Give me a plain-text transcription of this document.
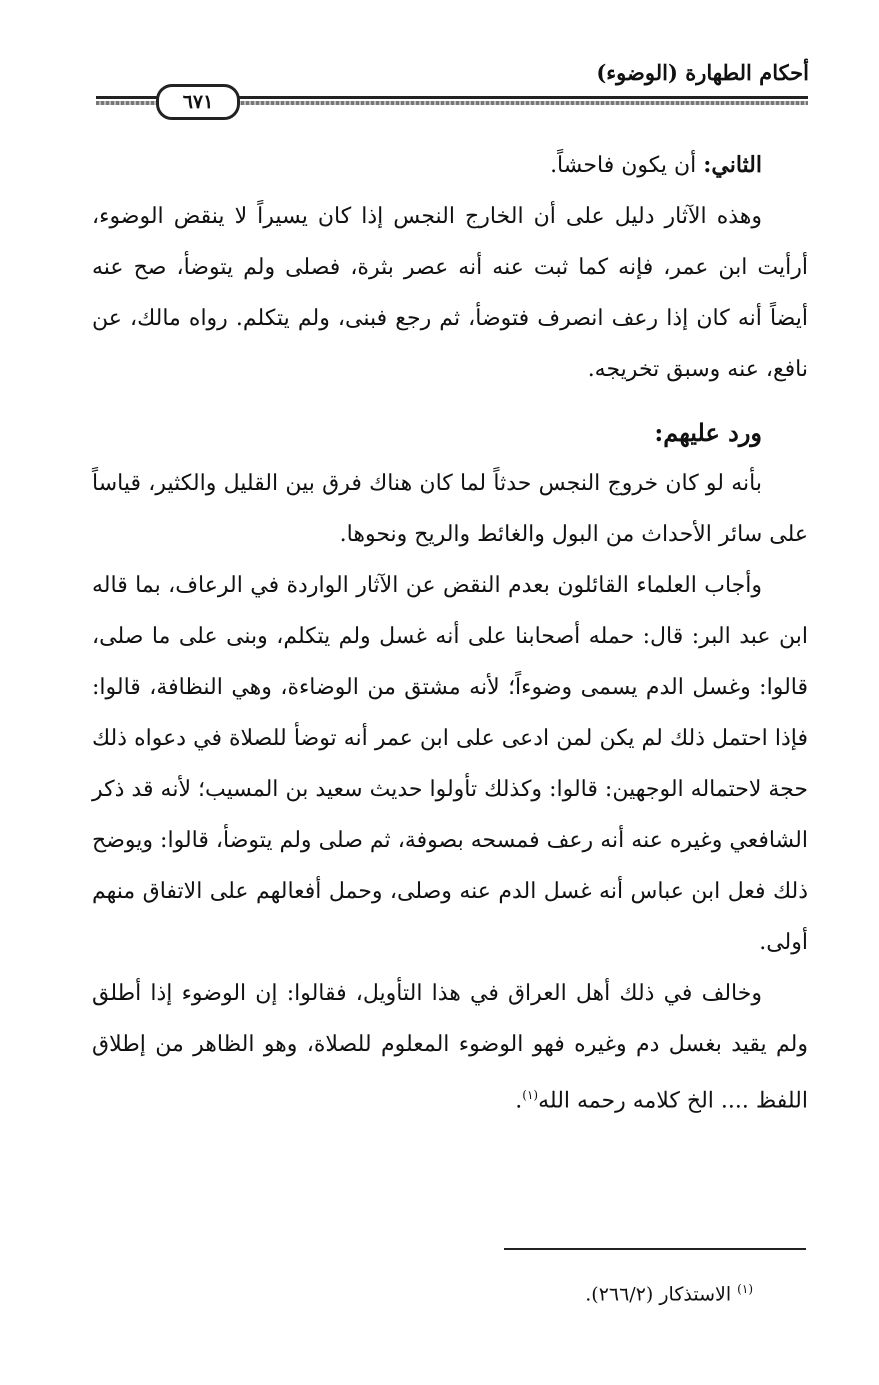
أحكام الطهارة (الوضوء)
٦٧١

الثاني: أن يكون فاحشاً.

وهذه الآثار دليل على أن الخارج النجس إذا كان يسيراً لا ينقض الوضوء، أرأيت ابن عمر، فإنه كما ثبت عنه أنه عصر بثرة، فصلى ولم يتوضأ، صح عنه أيضاً أنه كان إذا رعف انصرف فتوضأ، ثم رجع فبنى، ولم يتكلم. رواه مالك، عن نافع، عنه وسبق تخريجه.

ورد عليهم:

بأنه لو كان خروج النجس حدثاً لما كان هناك فرق بين القليل والكثير، قياساً على سائر الأحداث من البول والغائط والريح ونحوها.

وأجاب العلماء القائلون بعدم النقض عن الآثار الواردة في الرعاف، بما قاله ابن عبد البر: قال: حمله أصحابنا على أنه غسل ولم يتكلم، وبنى على ما صلى، قالوا: وغسل الدم يسمى وضوءاً؛ لأنه مشتق من الوضاءة، وهي النظافة، قالوا: فإذا احتمل ذلك لم يكن لمن ادعى على ابن عمر أنه توضأ للصلاة في دعواه ذلك حجة لاحتماله الوجهين: قالوا: وكذلك تأولوا حديث سعيد بن المسيب؛ لأنه قد ذكر الشافعي وغيره عنه أنه رعف فمسحه بصوفة، ثم صلى ولم يتوضأ، قالوا: ويوضح ذلك فعل ابن عباس أنه غسل الدم عنه وصلى، وحمل أفعالهم على الاتفاق منهم أولى.

وخالف في ذلك أهل العراق في هذا التأويل، فقالوا: إن الوضوء إذا أطلق ولم يقيد بغسل دم وغيره فهو الوضوء المعلوم للصلاة، وهو الظاهر من إطلاق اللفظ .... الخ كلامه رحمه الله$^{(١)}$.

$^{(١)}$ الاستذكار (٢٦٦/٢).
